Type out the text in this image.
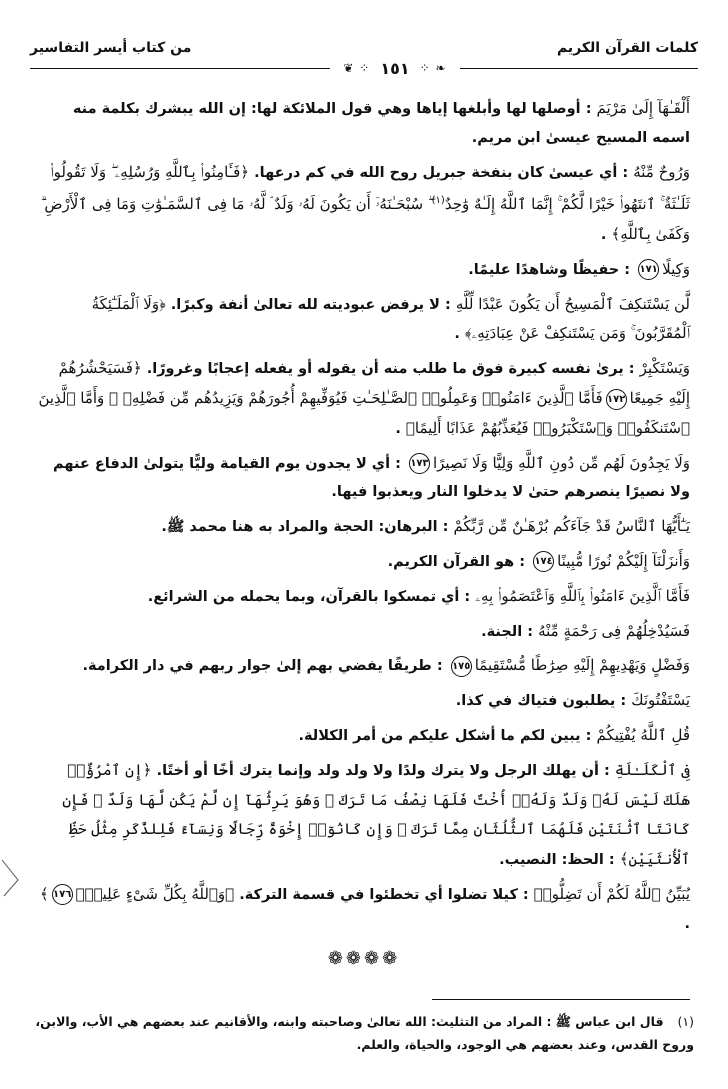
كلمات القرآن الكريم
من كتاب أيسر التفاسير
❦ ⁘ ١٥١ ⁘ ❧

أَلْقَـٰهَآ إِلَىٰ مَرْيَمَ : أوصلها لها وأبلغها إياها وهي قول الملائكة لها: إن الله يبشرك بكلمة منه اسمه المسيح عيسىٰ ابن مريم.

وَرُوحٌ مِّنْهُ : أي عيسىٰ كان بنفخة جبريل روح الله في كم درعها. ﴿فَـَٔامِنُوا۟ بِٱللَّهِ وَرُسُلِهِۦ ۖ وَلَا تَقُولُوا۟ ثَلَـٰثَةٌ ۚ ٱنتَهُوا۟ خَيْرًا لَّكُمْ ۚ إِنَّمَا ٱللَّهُ إِلَـٰهٌ وَٰحِدٌ$^{(١)}$ ۖ سُبْحَـٰنَهُۥٓ أَن يَكُونَ لَهُۥ وَلَدٌ ۘ لَّهُۥ مَا فِى ٱلسَّمَـٰوَٰتِ وَمَا فِى ٱلْأَرْضِ ۗ وَكَفَىٰ بِٱللَّهِ﴾ .

وَكِيلًا١٧١ : حفيظًا وشاهدًا عليمًا.

لَّن يَسْتَنكِفَ ٱلْمَسِيحُ أَن يَكُونَ عَبْدًا لِّلَّهِ : لا يرفض عبوديته لله تعالىٰ أنفة وكبرًا. ﴿وَلَا ٱلْمَلَـٰٓئِكَةُ ٱلْمُقَرَّبُونَ ۚ وَمَن يَسْتَنكِفْ عَنْ عِبَادَتِهِۦ﴾ .

وَيَسْتَكْبِرْ : يرىٰ نفسه كبيرة فوق ما طلب منه أن يقوله أو يفعله إعجابًا وغرورًا. ﴿فَسَيَحْشُرُهُمْ إِلَيْهِ جَمِيعًا١٧٢فَأَمَّا ٱلَّذِينَ ءَامَنُوا۟ وَعَمِلُوا۟ ٱلصَّـٰلِحَـٰتِ فَيُوَفِّيهِمْ أُجُورَهُمْ وَيَزِيدُهُم مِّن فَضْلِهِۦ ۖ وَأَمَّا ٱلَّذِينَ ٱسْتَنكَفُوا۟ وَٱسْتَكْبَرُوا۟ فَيُعَذِّبُهُمْ عَذَابًا أَلِيمًا﴾ .

وَلَا يَجِدُونَ لَهُم مِّن دُونِ ٱللَّهِ وَلِيًّا وَلَا نَصِيرًا١٧٣ : أي لا يجدون يوم القيامة وليًّا يتولىٰ الدفاع عنهم ولا نصيرًا ينصرهم حتىٰ لا يدخلوا النار ويعذبوا فيها.

يَـٰٓأَيُّهَا ٱلنَّاسُ قَدْ جَآءَكُم بُرْهَـٰنٌ مِّن رَّبِّكُمْ : البرهان: الحجة والمراد به هنا محمد ﷺ.

وَأَنزَلْنَآ إِلَيْكُمْ نُورًا مُّبِينًا١٧٤ : هو القرآن الكريم.

فَأَمَّا ٱلَّذِينَ ءَامَنُوا۟ بِٱللَّهِ وَٱعْتَصَمُوا۟ بِهِۦ : أي تمسكوا بالقرآن، وبما يحمله من الشرائع.

فَسَيُدْخِلُهُمْ فِى رَحْمَةٍ مِّنْهُ : الجنة.

وَفَضْلٍ وَيَهْدِيهِمْ إِلَيْهِ صِرَٰطًا مُّسْتَقِيمًا١٧٥ : طريقًا يفضي بهم إلىٰ جوار ربهم في دار الكرامة.

يَسْتَفْتُونَكَ : يطلبون فتياك في كذا.

قُلِ ٱللَّهُ يُفْتِيكُمْ : يبين لكم ما أشكل عليكم من أمر الكلالة.

فِى ٱلْكَلَـٰلَةِ : أن يهلك الرجل ولا يترك ولدًا ولا ولد ولد وإنما يترك أخًا أو أختًا. ﴿إِنِ ٱمْرُؤٌا۟ هَلَكَ لَيْسَ لَهُۥ وَلَدٌ وَلَهُۥٓ أُخْتٌ فَلَهَا نِصْفُ مَا تَرَكَ ۚ وَهُوَ يَرِثُهَآ إِن لَّمْ يَكُن لَّهَا وَلَدٌ ۚ فَإِن كَانَتَا ٱثْنَتَيْنِ فَلَهُمَا ٱلثُّلُثَانِ مِمَّا تَرَكَ ۚ وَإِن كَانُوٓا۟ إِخْوَةً رِّجَالًا وَنِسَآءً فَلِلذَّكَرِ مِثْلُ حَظِّ ٱلْأُنثَيَيْنِ﴾ : الحظ: النصيب.

يُبَيِّنُ ٱللَّهُ لَكُمْ أَن تَضِلُّوا۟ : كيلا تضلوا أي تخطئوا في قسمة التركة. ﴿وَٱللَّهُ بِكُلِّ شَىْءٍ عَلِيمٌۢ١٧٦﴾ .

❁❁❁❁
(١)قال ابن عباس ﷺ : المراد من التثليث: الله تعالىٰ وصاحبته وابنه، والأقانيم عند بعضهم هي الأب، والابن، وروح القدس، وعند بعضهم هي الوجود، والحياة، والعلم.
